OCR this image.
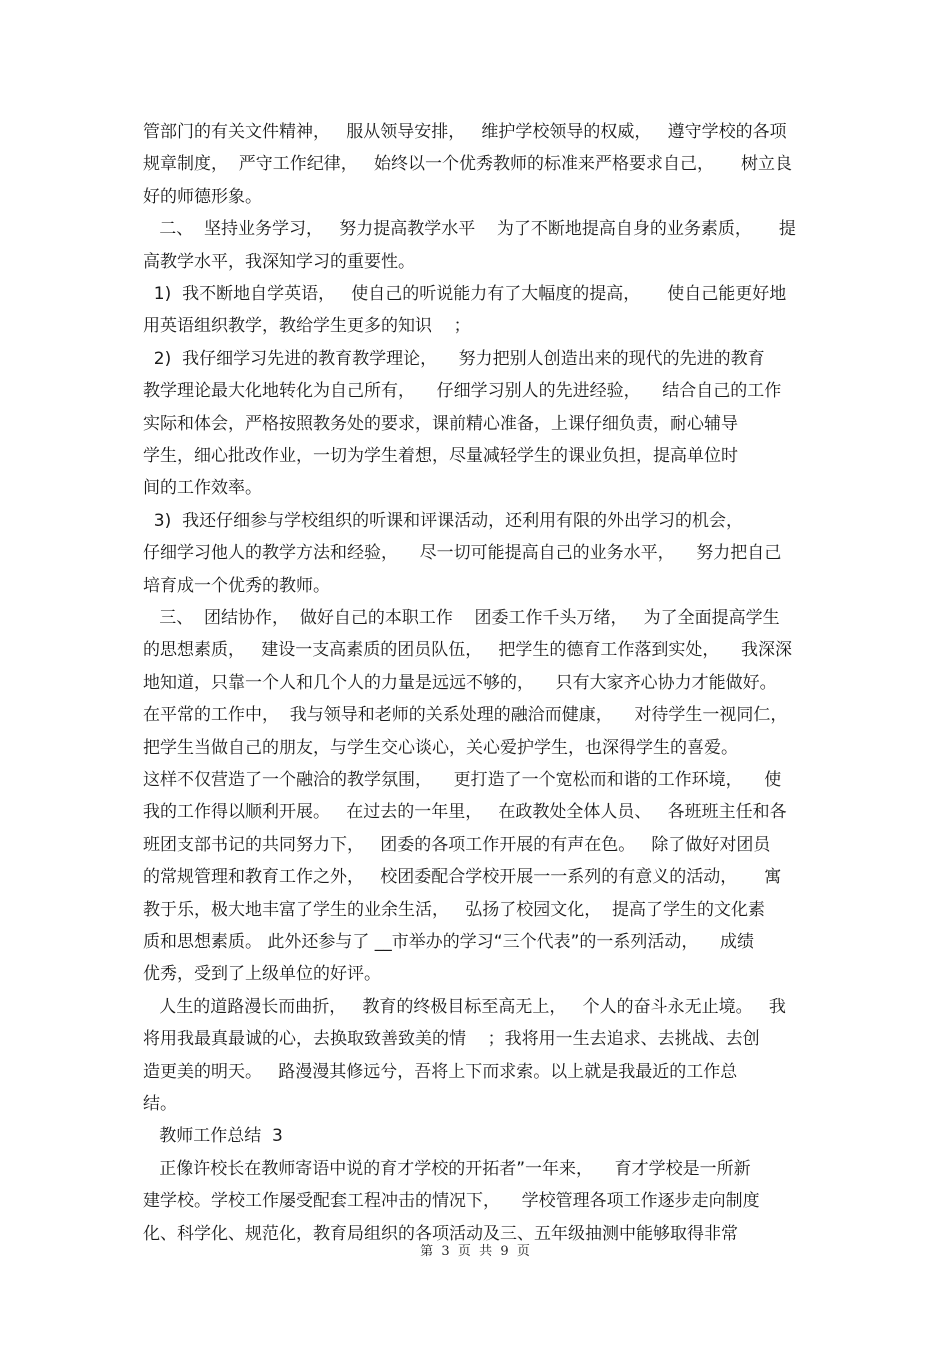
管部门的有关文件精神，   服从领导安排，   维护学校领导的权威，   遵守学校的各项
规章制度，  严守工作纪律，   始终以一个优秀教师的标准来严格要求自己，     树立良
好的师德形象。
二、  坚持业务学习，   努力提高教学水平    为了不断地提高自身的业务素质，     提
高教学水平，我深知学习的重要性。
1)  我不断地自学英语，   使自己的听说能力有了大幅度的提高，     使自己能更好地
用英语组织教学，教给学生更多的知识    ；
2)  我仔细学习先进的教育教学理论，    努力把别人创造出来的现代的先进的教育
教学理论最大化地转化为自己所有，    仔细学习别人的先进经验，    结合自己的工作
实际和体会，严格按照教务处的要求，课前精心准备，上课仔细负责，耐心辅导
学生，细心批改作业，一切为学生着想，尽量减轻学生的课业负担，提高单位时
间的工作效率。
3)  我还仔细参与学校组织的听课和评课活动，还利用有限的外出学习的机会，
仔细学习他人的教学方法和经验，    尽一切可能提高自己的业务水平，    努力把自己
培育成一个优秀的教师。
三、  团结协作，  做好自己的本职工作    团委工作千头万绪，   为了全面提高学生
的思想素质，   建设一支高素质的团员队伍，   把学生的德育工作落到实处，    我深深
地知道，只靠一个人和几个人的力量是远远不够的，    只有大家齐心协力才能做好。
在平常的工作中，  我与领导和老师的关系处理的融洽而健康，    对待学生一视同仁，
把学生当做自己的朋友，与学生交心谈心，关心爱护学生，也深得学生的喜爱。
这样不仅营造了一个融洽的教学氛围，    更打造了一个宽松而和谐的工作环境，    使
我的工作得以顺利开展。   在过去的一年里，   在政教处全体人员、   各班班主任和各
班团支部书记的共同努力下，   团委的各项工作开展的有声在色。   除了做好对团员
的常规管理和教育工作之外，   校团委配合学校开展一一系列的有意义的活动，     寓
教于乐，极大地丰富了学生的业余生活，   弘扬了校园文化，  提高了学生的文化素
质和思想素质。 此外还参与了 __市举办的学习“三个代表”的一系列活动，    成绩
优秀，受到了上级单位的好评。
人生的道路漫长而曲折，   教育的终极目标至高无上，   个人的奋斗永无止境。   我
将用我最真最诚的心，去换取致善致美的情    ；我将用一生去追求、去挑战、去创
造更美的明天。   路漫漫其修远兮，吾将上下而求索。以上就是我最近的工作总
结。
教师工作总结  3
正像许校长在教师寄语中说的育才学校的开拓者”一年来，    育才学校是一所新
建学校。学校工作屡受配套工程冲击的情况下，    学校管理各项工作逐步走向制度
化、科学化、规范化，教育局组织的各项活动及三、五年级抽测中能够取得非常
第  3  页  共  9  页
